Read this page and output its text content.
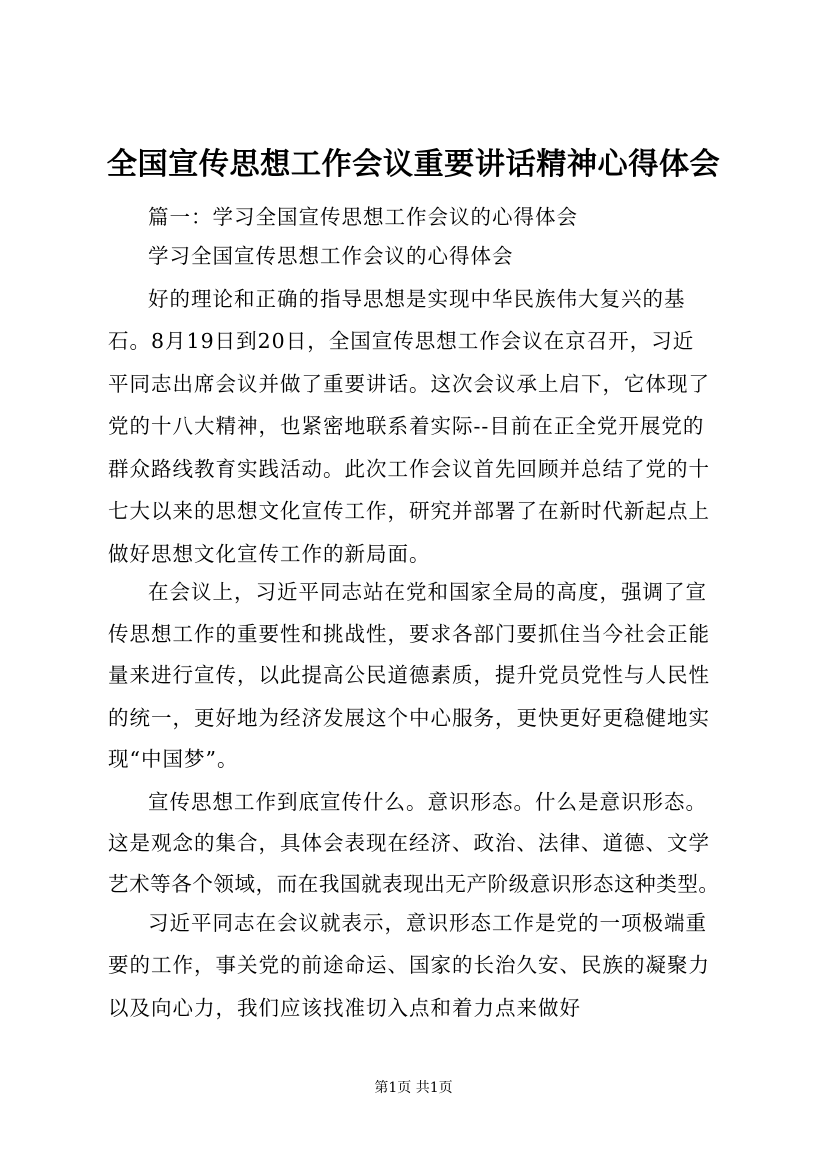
全国宣传思想工作会议重要讲话精神心得体会
篇一：学习全国宣传思想工作会议的心得体会
学习全国宣传思想工作会议的心得体会
好的理论和正确的指导思想是实现中华民族伟大复兴的基
石。8月19日到20日，全国宣传思想工作会议在京召开，习近
平同志出席会议并做了重要讲话。这次会议承上启下，它体现了
党的十八大精神，也紧密地联系着实际--目前在正全党开展党的
群众路线教育实践活动。此次工作会议首先回顾并总结了党的十
七大以来的思想文化宣传工作，研究并部署了在新时代新起点上
做好思想文化宣传工作的新局面。
在会议上，习近平同志站在党和国家全局的高度，强调了宣
传思想工作的重要性和挑战性，要求各部门要抓住当今社会正能
量来进行宣传，以此提高公民道德素质，提升党员党性与人民性
的统一，更好地为经济发展这个中心服务，更快更好更稳健地实
现“中国梦”。
宣传思想工作到底宣传什么。意识形态。什么是意识形态。
这是观念的集合，具体会表现在经济、政治、法律、道德、文学
艺术等各个领域，而在我国就表现出无产阶级意识形态这种类型。
习近平同志在会议就表示，意识形态工作是党的一项极端重
要的工作，事关党的前途命运、国家的长治久安、民族的凝聚力
以及向心力，我们应该找准切入点和着力点来做好
第1页 共1页
